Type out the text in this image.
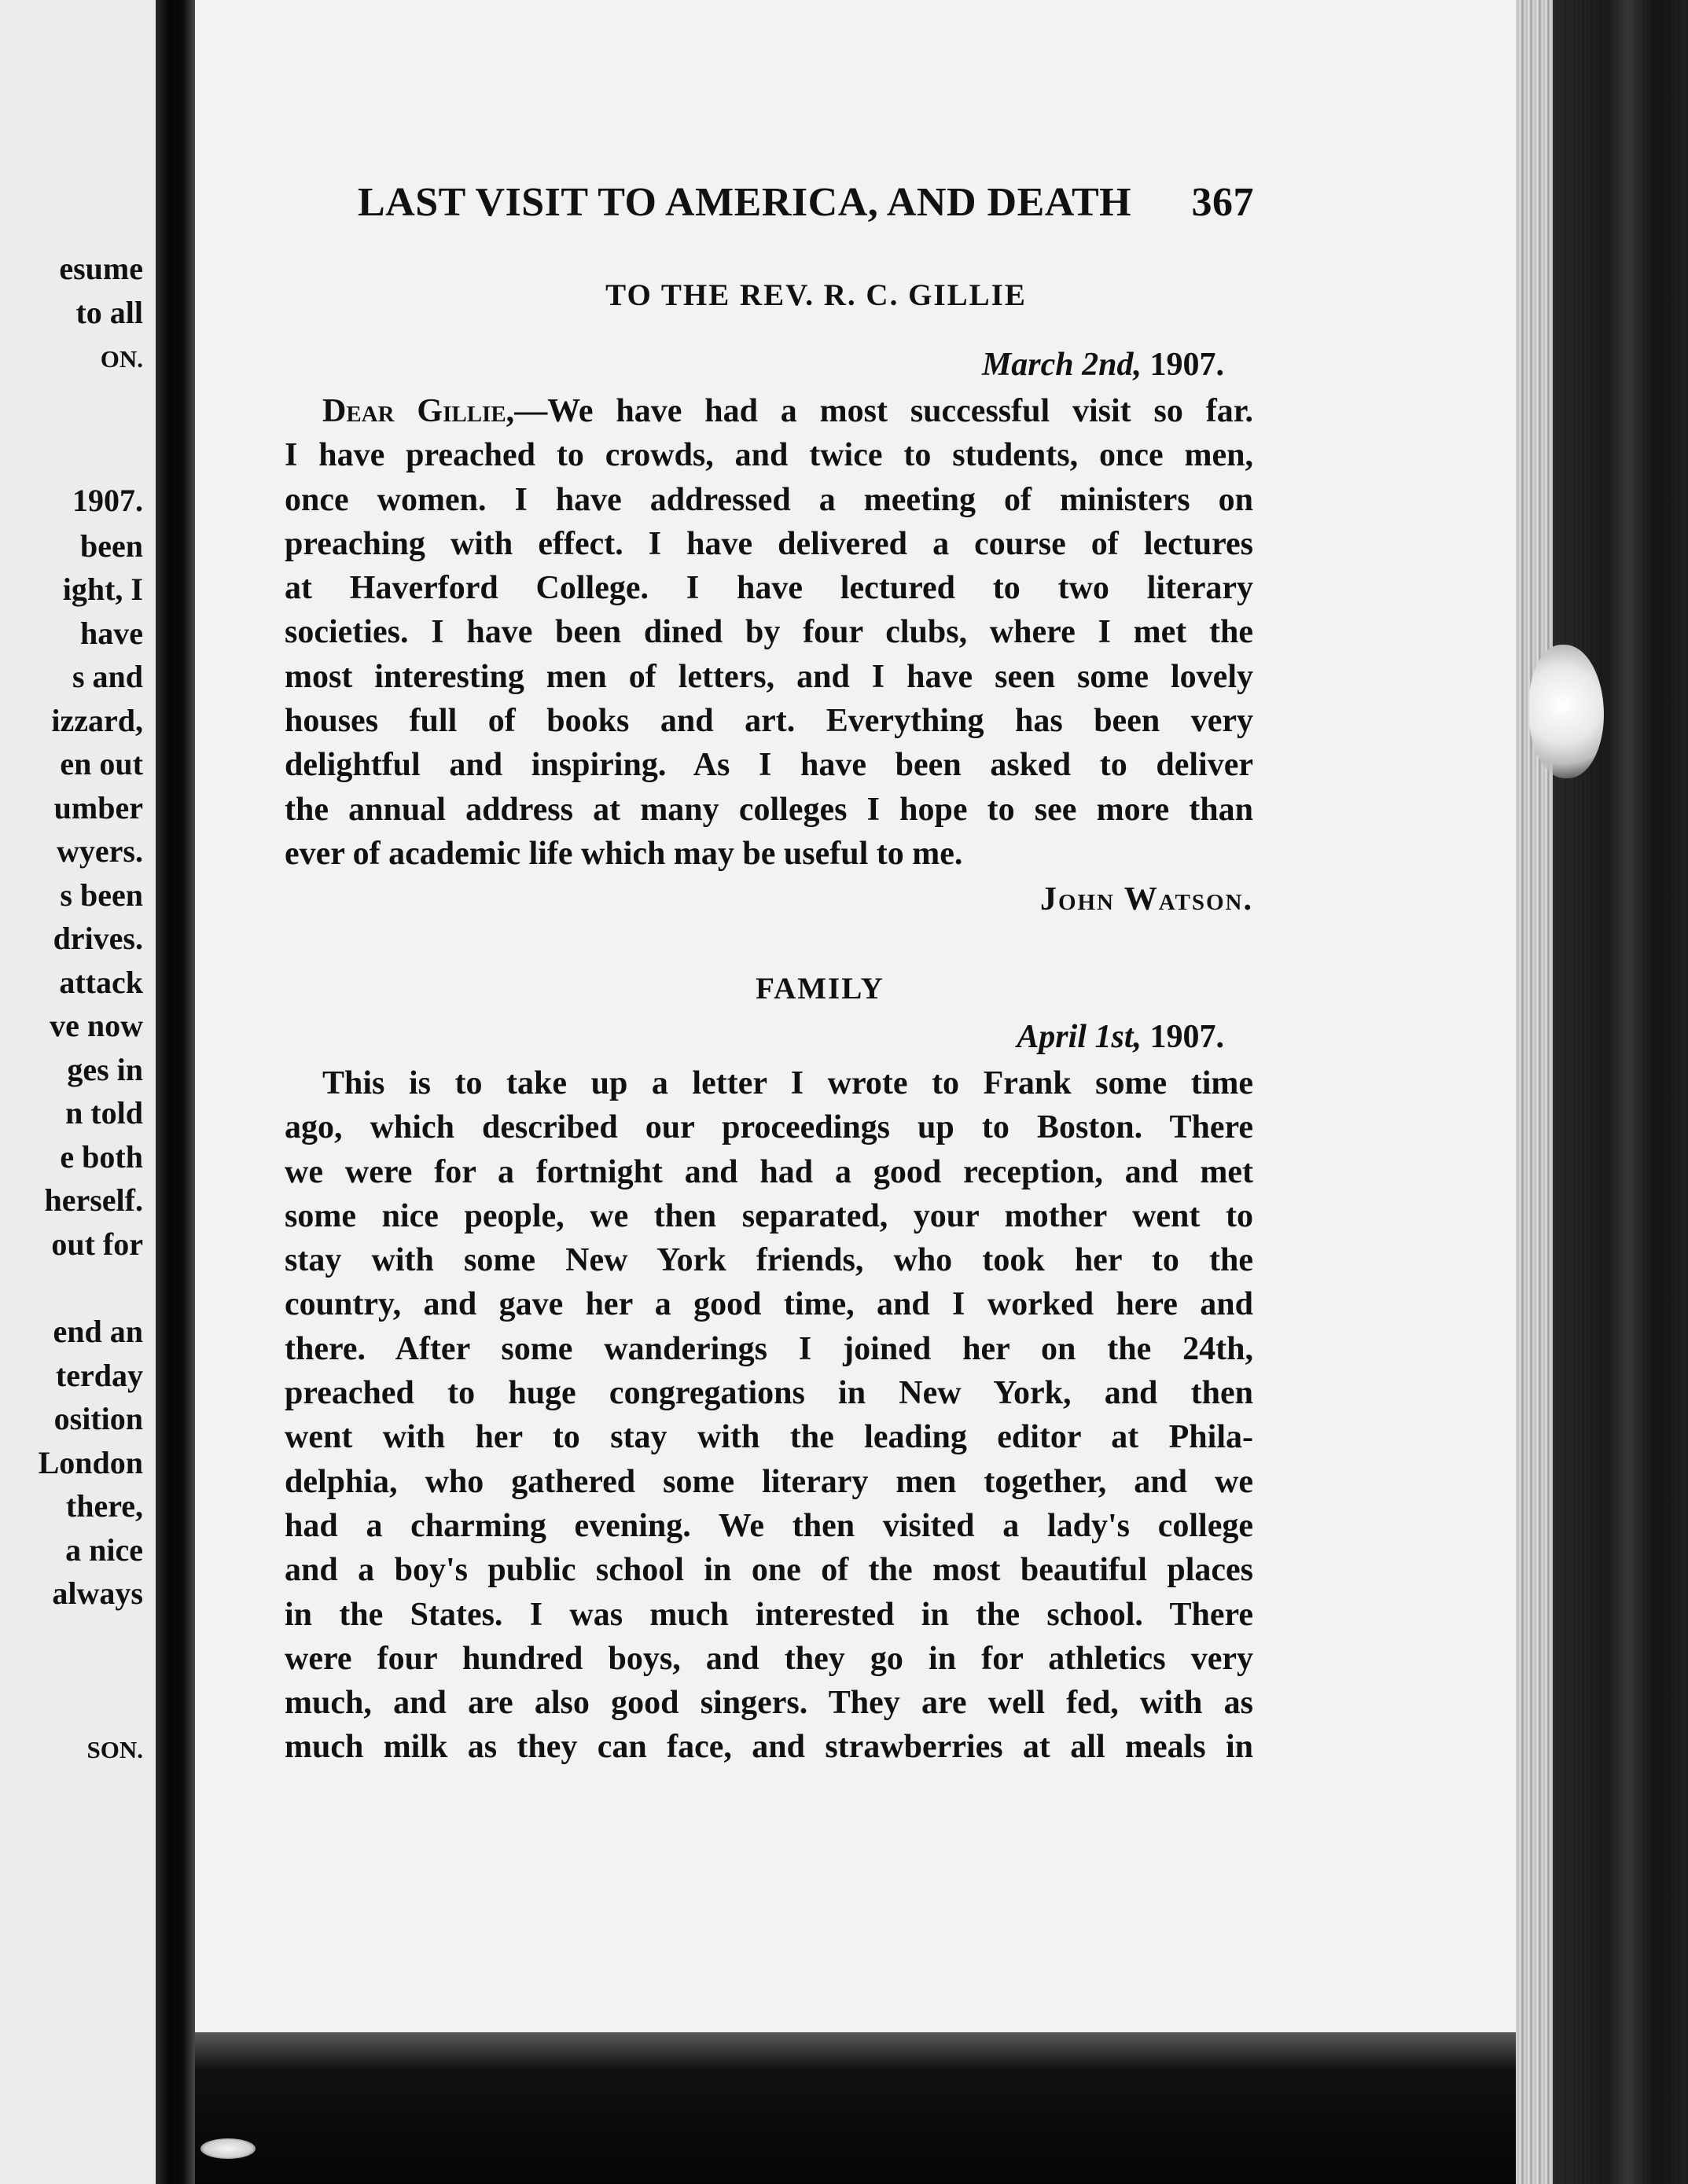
esume
to all
ON.
1907.
been
ight, I
have
s and
izzard,
en out
umber
wyers.
s been
drives.
attack
ve now
ges in
n told
e both
herself.
out for
end an
terday
osition
London
there,
a nice
always
SON.
LAST VISIT TO AMERICA, AND DEATH 367
TO THE REV. R. C. GILLIE
March 2nd, 1907.
Dear Gillie,—We have had a most successful visit so far.
I have preached to crowds, and twice to students, once men,
once women. I have addressed a meeting of ministers on
preaching with effect. I have delivered a course of lectures
at Haverford College. I have lectured to two literary
societies. I have been dined by four clubs, where I met the
most interesting men of letters, and I have seen some lovely
houses full of books and art. Everything has been very
delightful and inspiring. As I have been asked to deliver
the annual address at many colleges I hope to see more than
ever of academic life which may be useful to me.
John Watson.
FAMILY
April 1st, 1907.
This is to take up a letter I wrote to Frank some time
ago, which described our proceedings up to Boston. There
we were for a fortnight and had a good reception, and met
some nice people, we then separated, your mother went to
stay with some New York friends, who took her to the
country, and gave her a good time, and I worked here and
there. After some wanderings I joined her on the 24th,
preached to huge congregations in New York, and then
went with her to stay with the leading editor at Phila-
delphia, who gathered some literary men together, and we
had a charming evening. We then visited a lady's college
and a boy's public school in one of the most beautiful places
in the States. I was much interested in the school. There
were four hundred boys, and they go in for athletics very
much, and are also good singers. They are well fed, with as
much milk as they can face, and strawberries at all meals in
